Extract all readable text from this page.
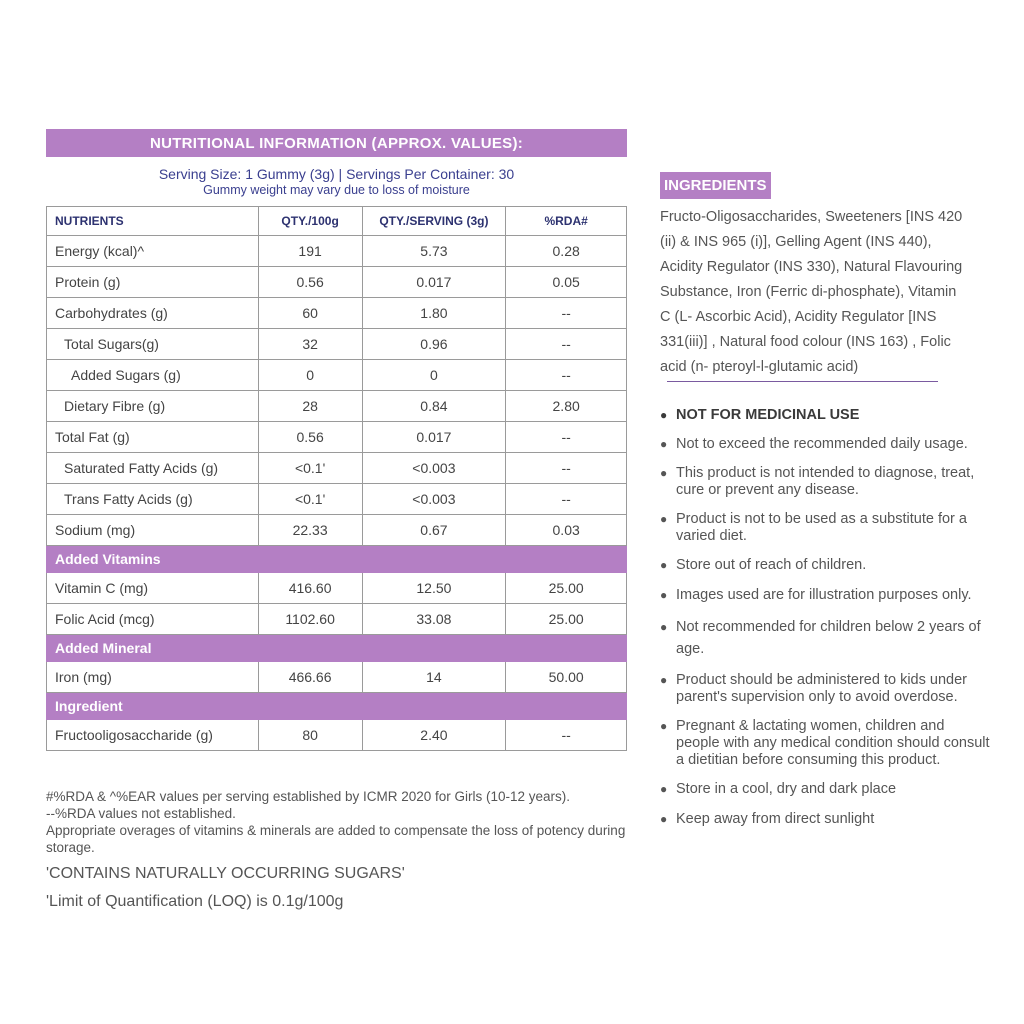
NUTRITIONAL INFORMATION (APPROX. VALUES):
Serving Size: 1 Gummy (3g) | Servings Per Container: 30
Gummy weight may vary due to loss of moisture
NUTRIENTS	QTY./100g	QTY./SERVING (3g)	%RDA#
Energy (kcal)^	191	5.73	0.28
Protein (g)	0.56	0.017	0.05
Carbohydrates (g)	60	1.80	--
Total Sugars(g)	32	0.96	--
Added Sugars (g)	0	0	--
Dietary Fibre (g)	28	0.84	2.80
Total Fat (g)	0.56	0.017	--
Saturated Fatty Acids (g)	<0.1'	<0.003	--
Trans Fatty Acids (g)	<0.1'	<0.003	--
Sodium (mg)	22.33	0.67	0.03
Added Vitamins			
Vitamin C (mg)	416.60	12.50	25.00
Folic Acid (mcg)	1102.60	33.08	25.00
Added Mineral			
Iron (mg)	466.66	14	50.00
Ingredient			
Fructooligosaccharide (g)	80	2.40	--
#%RDA & ^%EAR values per serving established by ICMR 2020 for Girls (10-12 years).
--%RDA values not established.
Appropriate overages of vitamins & minerals are added to compensate the loss of potency during storage.
'CONTAINS NATURALLY OCCURRING SUGARS'
'Limit of Quantification (LOQ) is 0.1g/100g
INGREDIENTS
Fructo-Oligosaccharides, Sweeteners [INS 420 (ii) & INS 965 (i)], Gelling Agent (INS 440), Acidity Regulator (INS 330), Natural Flavouring Substance, Iron (Ferric di-phosphate), Vitamin C (L- Ascorbic Acid), Acidity Regulator [INS 331(iii)] , Natural food colour (INS 163) , Folic acid (n- pteroyl-l-glutamic acid)
● NOT FOR MEDICINAL USE
● Not to exceed the recommended daily usage.
● This product is not intended to diagnose, treat, cure or prevent any disease.
● Product is not to be used as a substitute for a varied diet.
● Store out of reach of children.
● Images used are for illustration purposes only.
● Not recommended for children below 2 years of age.
● Product should be administered to kids under parent's supervision only to avoid overdose.
● Pregnant & lactating women, children and people with any medical condition should consult a dietitian before consuming this product.
● Store in a cool, dry and dark place
● Keep away from direct sunlight
